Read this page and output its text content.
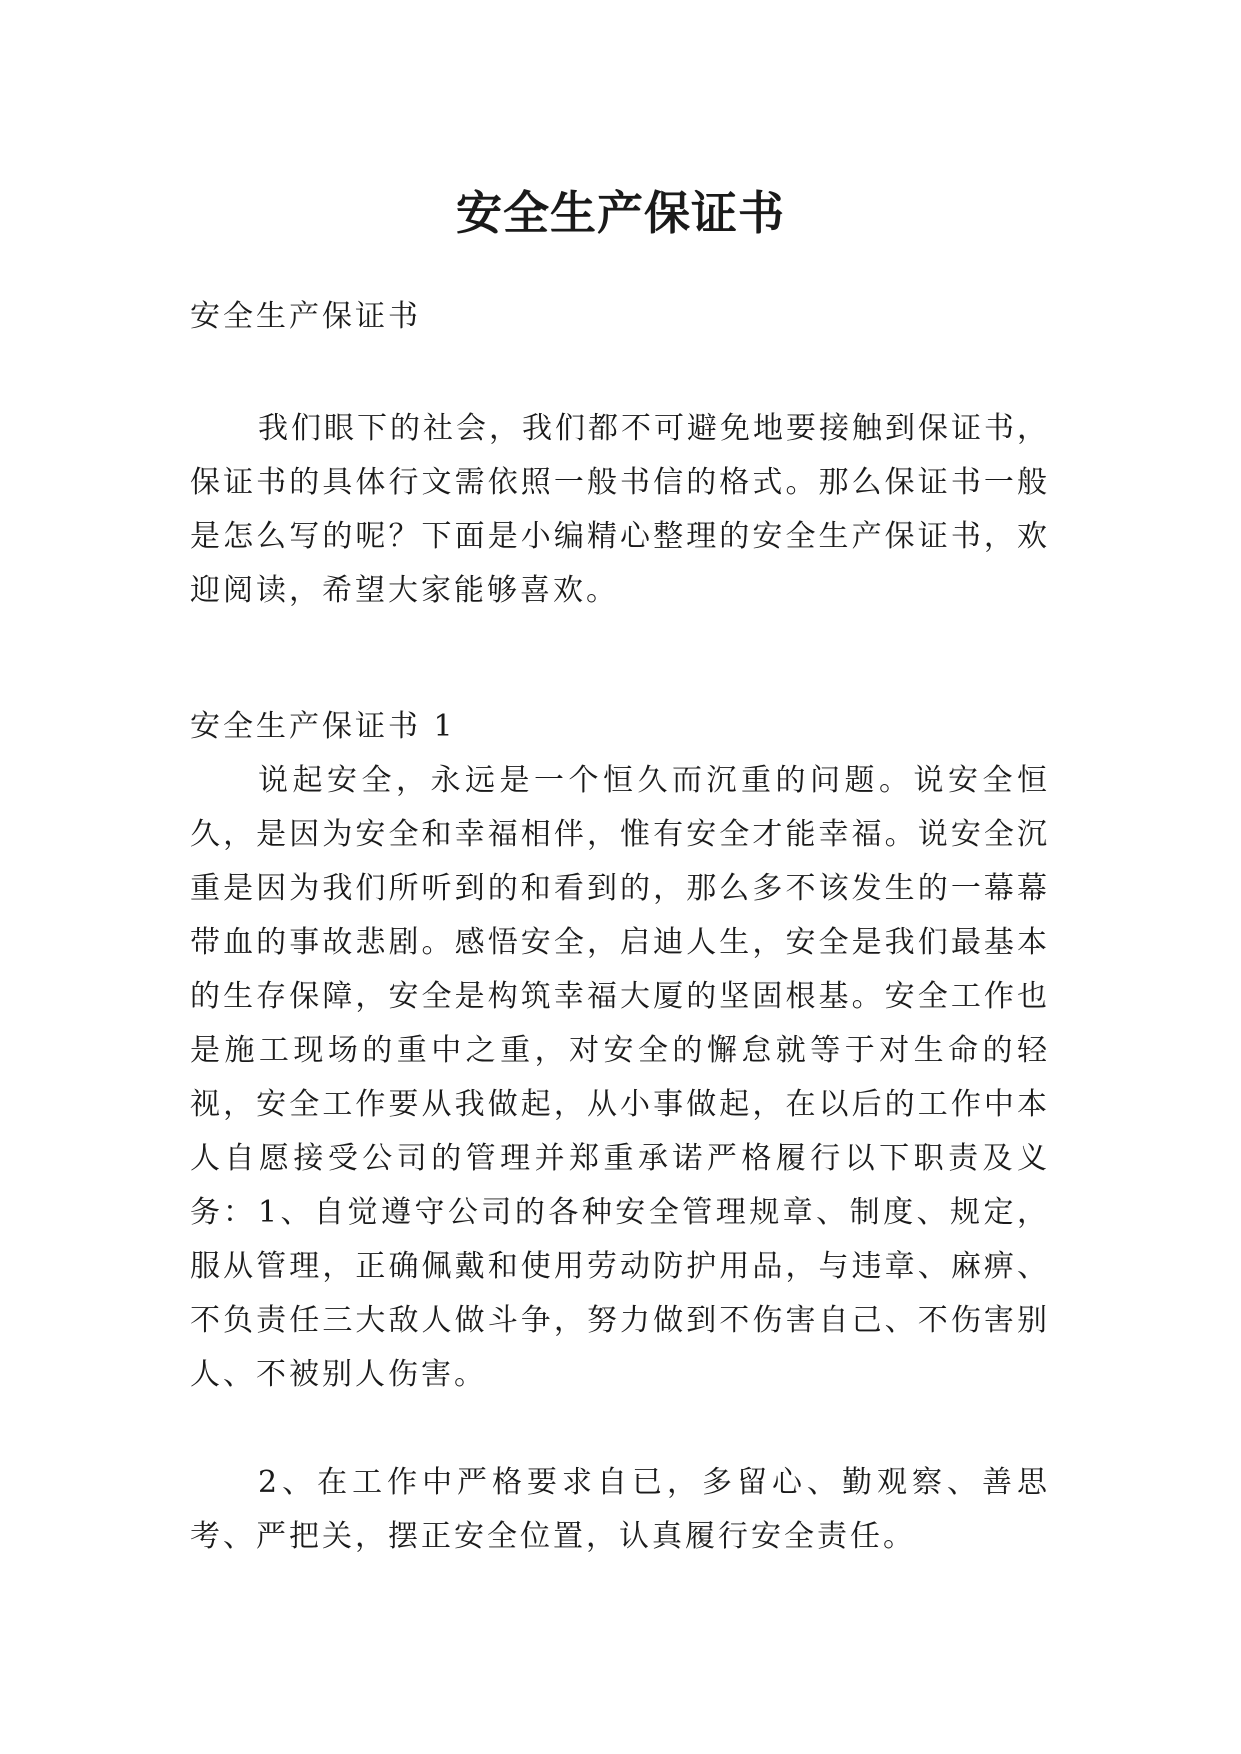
安全生产保证书

安全生产保证书

我们眼下的社会，我们都不可避免地要接触到保证书，保证书的具体行文需依照一般书信的格式。那么保证书一般是怎么写的呢？下面是小编精心整理的安全生产保证书，欢迎阅读，希望大家能够喜欢。

安全生产保证书 1

说起安全，永远是一个恒久而沉重的问题。说安全恒久，是因为安全和幸福相伴，惟有安全才能幸福。说安全沉重是因为我们所听到的和看到的，那么多不该发生的一幕幕带血的事故悲剧。感悟安全，启迪人生，安全是我们最基本的生存保障，安全是构筑幸福大厦的坚固根基。安全工作也是施工现场的重中之重，对安全的懈怠就等于对生命的轻视，安全工作要从我做起，从小事做起，在以后的工作中本人自愿接受公司的管理并郑重承诺严格履行以下职责及义务： 1、自觉遵守公司的各种安全管理规章、制度、规定，服从管理，正确佩戴和使用劳动防护用品，与违章、麻痹、不负责任三大敌人做斗争，努力做到不伤害自己、不伤害别人、不被别人伤害。

2、在工作中严格要求自已，多留心、勤观察、善思考、严把关，摆正安全位置，认真履行安全责任。
